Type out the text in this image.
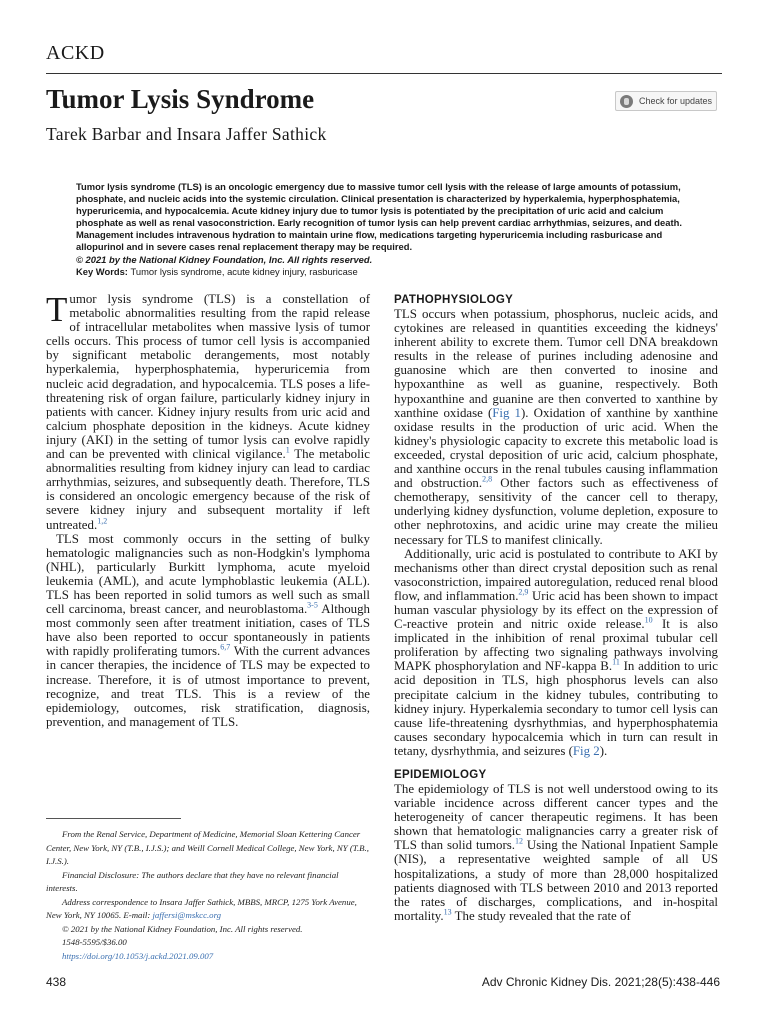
ACKD
Tumor Lysis Syndrome	Check for updates
Tarek Barbar and Insara Jaffer Sathick

Tumor lysis syndrome (TLS) is an oncologic emergency due to massive tumor cell lysis with the release of large amounts of potassium, phosphate, and nucleic acids into the systemic circulation. Clinical presentation is characterized by hyperkalemia, hyperphosphatemia, hyperuricemia, and hypocalcemia. Acute kidney injury due to tumor lysis is potentiated by the precipitation of uric acid and calcium phosphate as well as renal vasoconstriction. Early recognition of tumor lysis can help prevent cardiac arrhythmias, seizures, and death. Management includes intravenous hydration to maintain urine flow, medications targeting hyperuricemia including rasburicase and allopurinol and in severe cases renal replacement therapy may be required.

© 2021 by the National Kidney Foundation, Inc. All rights reserved.

Key Words: Tumor lysis syndrome, acute kidney injury, rasburicase

Tumor lysis syndrome (TLS) is a constellation of metabolic abnormalities resulting from the rapid release of intracellular metabolites when massive lysis of tumor cells occurs. This process of tumor cell lysis is accompanied by significant metabolic derangements, most notably hyperkalemia, hyperphosphatemia, hyperuricemia from nucleic acid degradation, and hypocalcemia. TLS poses a life-threatening risk of organ failure, particularly kidney injury in patients with cancer. Kidney injury results from uric acid and calcium phosphate deposition in the kidneys. Acute kidney injury (AKI) in the setting of tumor lysis can evolve rapidly and can be prevented with clinical vigilance.$^1$ The metabolic abnormalities resulting from kidney injury can lead to cardiac arrhythmias, seizures, and subsequently death. Therefore, TLS is considered an oncologic emergency because of the risk of severe kidney injury and subsequent mortality if left untreated.$^{1,2}$

TLS most commonly occurs in the setting of bulky hematologic malignancies such as non-Hodgkin's lymphoma (NHL), particularly Burkitt lymphoma, acute myeloid leukemia (AML), and acute lymphoblastic leukemia (ALL). TLS has been reported in solid tumors as well such as small cell carcinoma, breast cancer, and neuroblastoma.$^{3-5}$ Although most commonly seen after treatment initiation, cases of TLS have also been reported to occur spontaneously in patients with rapidly proliferating tumors.$^{6,7}$ With the current advances in cancer therapies, the incidence of TLS may be expected to increase. Therefore, it is of utmost importance to prevent, recognize, and treat TLS. This is a review of the epidemiology, outcomes, risk stratification, diagnosis, prevention, and management of TLS.

PATHOPHYSIOLOGY

TLS occurs when potassium, phosphorus, nucleic acids, and cytokines are released in quantities exceeding the kidneys' inherent ability to excrete them. Tumor cell DNA breakdown results in the release of purines including adenosine and guanosine which are then converted to inosine and hypoxanthine as well as guanine, respectively. Both hypoxanthine and guanine are then converted to xanthine by xanthine oxidase (Fig 1). Oxidation of xanthine by xanthine oxidase results in the production of uric acid. When the kidney's physiologic capacity to excrete this metabolic load is exceeded, crystal deposition of uric acid, calcium phosphate, and xanthine occurs in the renal tubules causing inflammation and obstruction.$^{2,8}$ Other factors such as effectiveness of chemotherapy, sensitivity of the cancer cell to therapy, underlying kidney dysfunction, volume depletion, exposure to other nephrotoxins, and acidic urine may create the milieu necessary for TLS to manifest clinically.

Additionally, uric acid is postulated to contribute to AKI by mechanisms other than direct crystal deposition such as renal vasoconstriction, impaired autoregulation, reduced renal blood flow, and inflammation.$^{2,9}$ Uric acid has been shown to impact human vascular physiology by its effect on the expression of C-reactive protein and nitric oxide release.$^{10}$ It is also implicated in the inhibition of renal proximal tubular cell proliferation by affecting two signaling pathways involving MAPK phosphorylation and NF-kappa B.$^{11}$ In addition to uric acid deposition in TLS, high phosphorus levels can also precipitate calcium in the kidney tubules, contributing to kidney injury. Hyperkalemia secondary to tumor cell lysis can cause life-threatening dysrhythmias, and hyperphosphatemia causes secondary hypocalcemia which in turn can result in tetany, dysrhythmia, and seizures (Fig 2).

EPIDEMIOLOGY

The epidemiology of TLS is not well understood owing to its variable incidence across different cancer types and the heterogeneity of cancer therapeutic regimens. It has been shown that hematologic malignancies carry a greater risk of TLS than solid tumors.$^{12}$ Using the National Inpatient Sample (NIS), a representative weighted sample of all US hospitalizations, a study of more than 28,000 hospitalized patients diagnosed with TLS between 2010 and 2013 reported the rates of discharges, complications, and in-hospital mortality.$^{13}$ The study revealed that the rate of

From the Renal Service, Department of Medicine, Memorial Sloan Kettering Cancer Center, New York, NY (T.B., I.J.S.); and Weill Cornell Medical College, New York, NY (T.B., I.J.S.).

Financial Disclosure: The authors declare that they have no relevant financial interests.

Address correspondence to Insara Jaffer Sathick, MBBS, MRCP, 1275 York Avenue, New York, NY 10065. E-mail: jaffersi@mskcc.org

© 2021 by the National Kidney Foundation, Inc. All rights reserved.

1548-5595/$36.00

https://doi.org/10.1053/j.ackd.2021.09.007

438	Adv Chronic Kidney Dis. 2021;28(5):438-446
